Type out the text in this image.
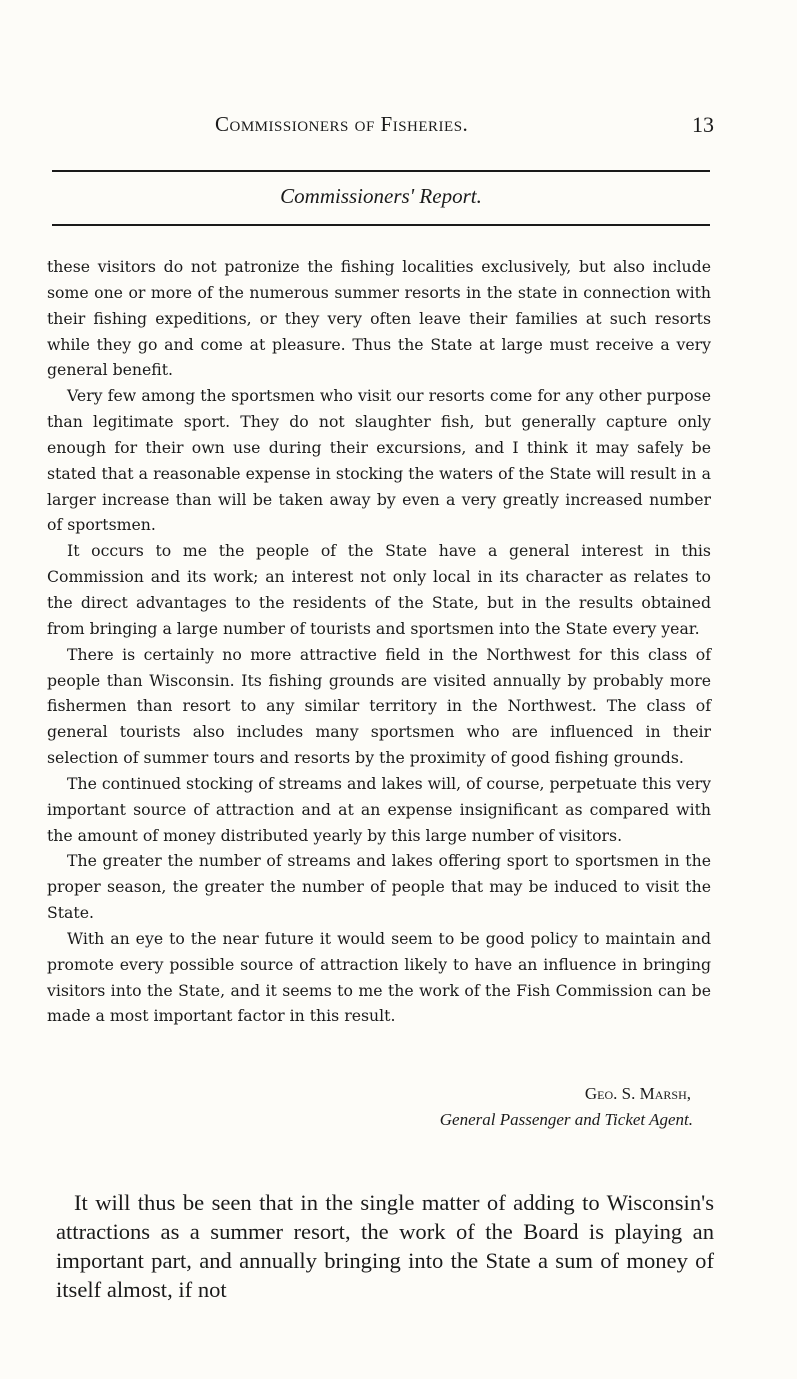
Commissioners of Fisheries.	13
Commissioners' Report.

these visitors do not patronize the fishing localities exclusively, but also include some one or more of the numerous summer resorts in the state in connection with their fishing expeditions, or they very often leave their families at such resorts while they go and come at pleasure. Thus the State at large must receive a very general benefit.

Very few among the sportsmen who visit our resorts come for any other purpose than legitimate sport. They do not slaughter fish, but generally capture only enough for their own use during their excursions, and I think it may safely be stated that a reasonable expense in stocking the waters of the State will result in a larger increase than will be taken away by even a very greatly increased number of sportsmen.

It occurs to me the people of the State have a general interest in this Commission and its work; an interest not only local in its character as relates to the direct advantages to the residents of the State, but in the results obtained from bringing a large number of tourists and sportsmen into the State every year.

There is certainly no more attractive field in the Northwest for this class of people than Wisconsin. Its fishing grounds are visited annually by probably more fishermen than resort to any similar territory in the Northwest. The class of general tourists also includes many sportsmen who are influenced in their selection of summer tours and resorts by the proximity of good fishing grounds.

The continued stocking of streams and lakes will, of course, perpetuate this very important source of attraction and at an expense insignificant as compared with the amount of money distributed yearly by this large number of visitors.

The greater the number of streams and lakes offering sport to sportsmen in the proper season, the greater the number of people that may be induced to visit the State.

With an eye to the near future it would seem to be good policy to maintain and promote every possible source of attraction likely to have an influence in bringing visitors into the State, and it seems to me the work of the Fish Commission can be made a most important factor in this result.

Geo. S. Marsh,
General Passenger and Ticket Agent.

It will thus be seen that in the single matter of adding to Wisconsin's attractions as a summer resort, the work of the Board is playing an important part, and annually bringing into the State a sum of money of itself almost, if not
